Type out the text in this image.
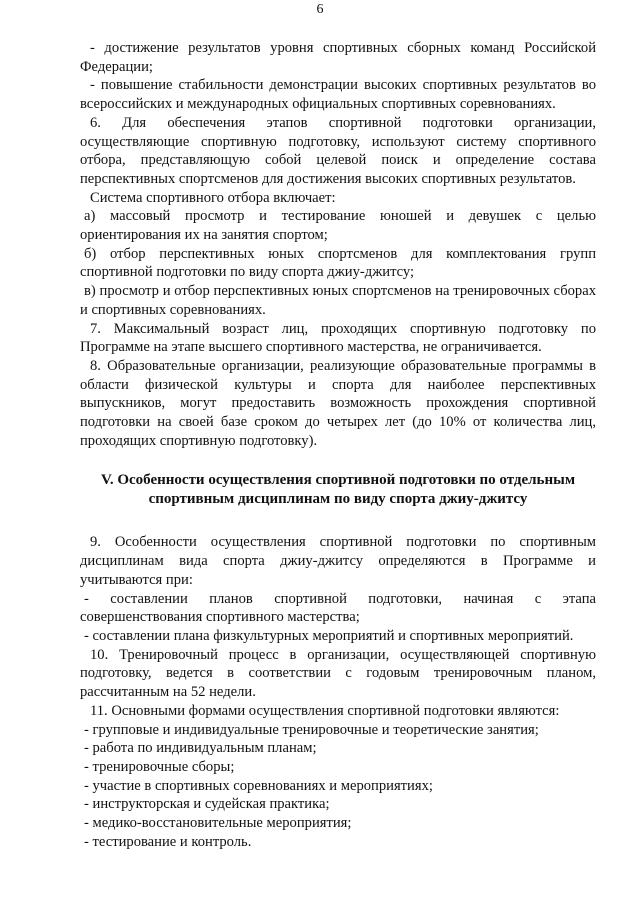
6

- достижение результатов уровня спортивных сборных команд Российской Федерации;

- повышение стабильности демонстрации высоких спортивных результатов во всероссийских и международных официальных спортивных соревнованиях.

6. Для обеспечения этапов спортивной подготовки организации, осуществляющие спортивную подготовку, используют систему спортивного отбора, представляющую собой целевой поиск и определение состава перспективных спортсменов для достижения высоких спортивных результатов.

Система спортивного отбора включает:

а) массовый просмотр и тестирование юношей и девушек с целью ориентирования их на занятия спортом;

б) отбор перспективных юных спортсменов для комплектования групп спортивной подготовки по виду спорта джиу-джитсу;

в) просмотр и отбор перспективных юных спортсменов на тренировочных сборах и спортивных соревнованиях.

7. Максимальный возраст лиц, проходящих спортивную подготовку по Программе на этапе высшего спортивного мастерства, не ограничивается.

8. Образовательные организации, реализующие образовательные программы в области физической культуры и спорта для наиболее перспективных выпускников, могут предоставить возможность прохождения спортивной подготовки на своей базе сроком до четырех лет (до 10% от количества лиц, проходящих спортивную подготовку).

V. Особенности осуществления спортивной подготовки по отдельным спортивным дисциплинам по виду спорта джиу-джитсу

9. Особенности осуществления спортивной подготовки по спортивным дисциплинам вида спорта джиу-джитсу определяются в Программе и учитываются при:

- составлении планов спортивной подготовки, начиная с этапа совершенствования спортивного мастерства;

- составлении плана физкультурных мероприятий и спортивных мероприятий.

10. Тренировочный процесс в организации, осуществляющей спортивную подготовку, ведется в соответствии с годовым тренировочным планом, рассчитанным на 52 недели.

11. Основными формами осуществления спортивной подготовки являются:

- групповые и индивидуальные тренировочные и теоретические занятия;

- работа по индивидуальным планам;

- тренировочные сборы;

- участие в спортивных соревнованиях и мероприятиях;

- инструкторская и судейская практика;

- медико-восстановительные мероприятия;

- тестирование и контроль.
